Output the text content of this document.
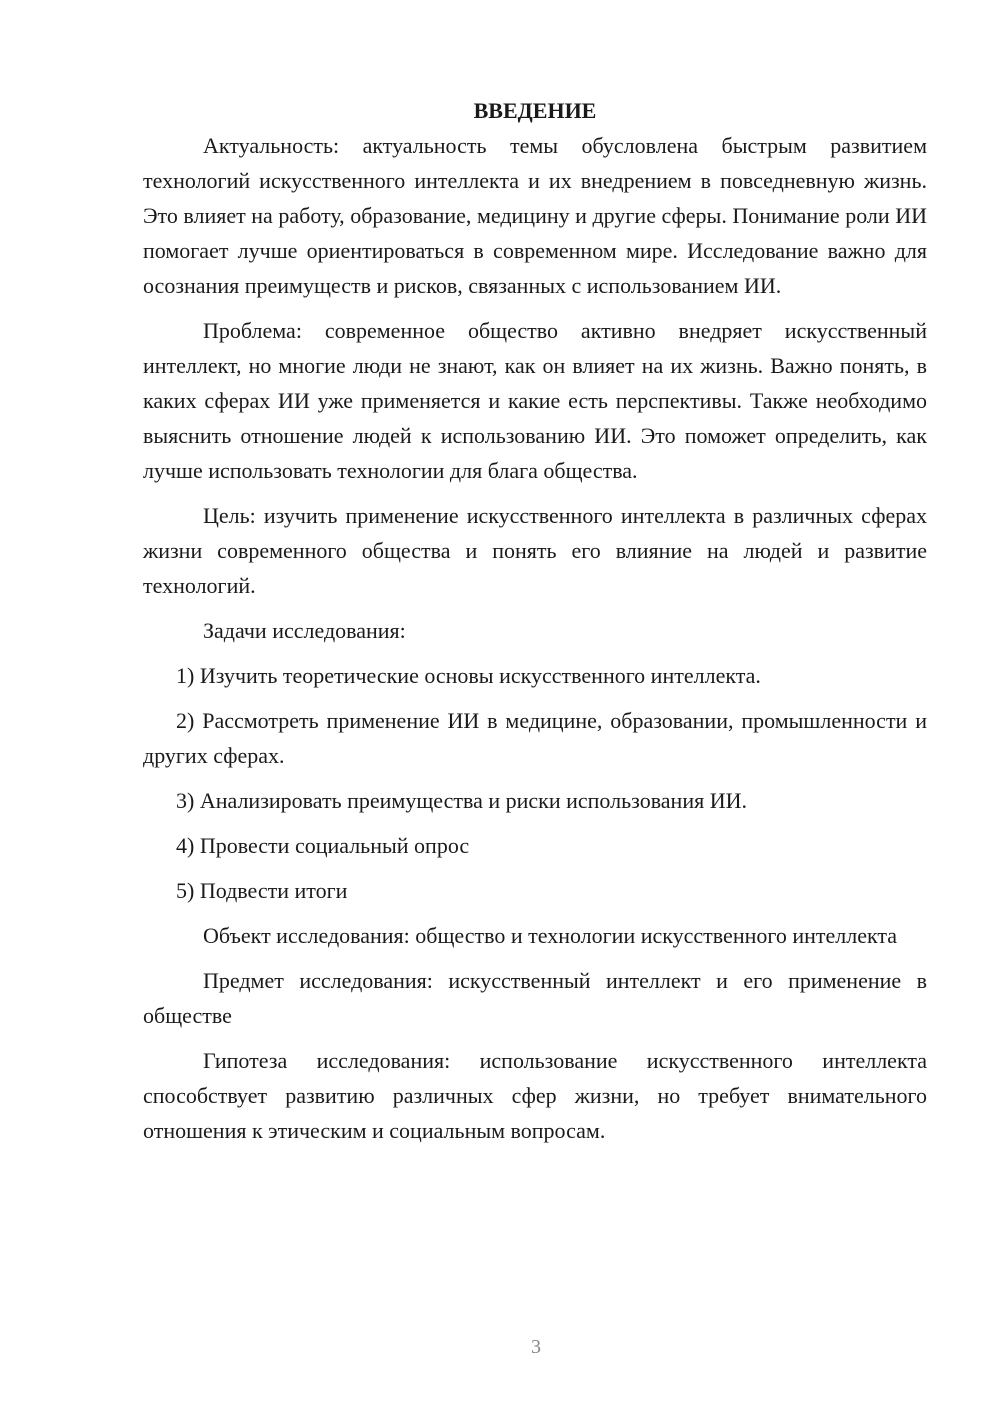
ВВЕДЕНИЕ

Актуальность: актуальность темы обусловлена быстрым развитием технологий искусственного интеллекта и их внедрением в повседневную жизнь. Это влияет на работу, образование, медицину и другие сферы. Понимание роли ИИ помогает лучше ориентироваться в современном мире. Исследование важно для осознания преимуществ и рисков, связанных с использованием ИИ.

Проблема: современное общество активно внедряет искусственный интеллект, но многие люди не знают, как он влияет на их жизнь. Важно понять, в каких сферах ИИ уже применяется и какие есть перспективы. Также необходимо выяснить отношение людей к использованию ИИ. Это поможет определить, как лучше использовать технологии для блага общества.

Цель: изучить применение искусственного интеллекта в различных сферах жизни современного общества и понять его влияние на людей и развитие технологий.

Задачи исследования:

1) Изучить теоретические основы искусственного интеллекта.

2) Рассмотреть применение ИИ в медицине, образовании, промышленности и других сферах.

3) Анализировать преимущества и риски использования ИИ.

4) Провести социальный опрос

5) Подвести итоги

Объект исследования: общество и технологии искусственного интеллекта

Предмет исследования: искусственный интеллект и его применение в обществе

Гипотеза исследования: использование искусственного интеллекта способствует развитию различных сфер жизни, но требует внимательного отношения к этическим и социальным вопросам.

3
